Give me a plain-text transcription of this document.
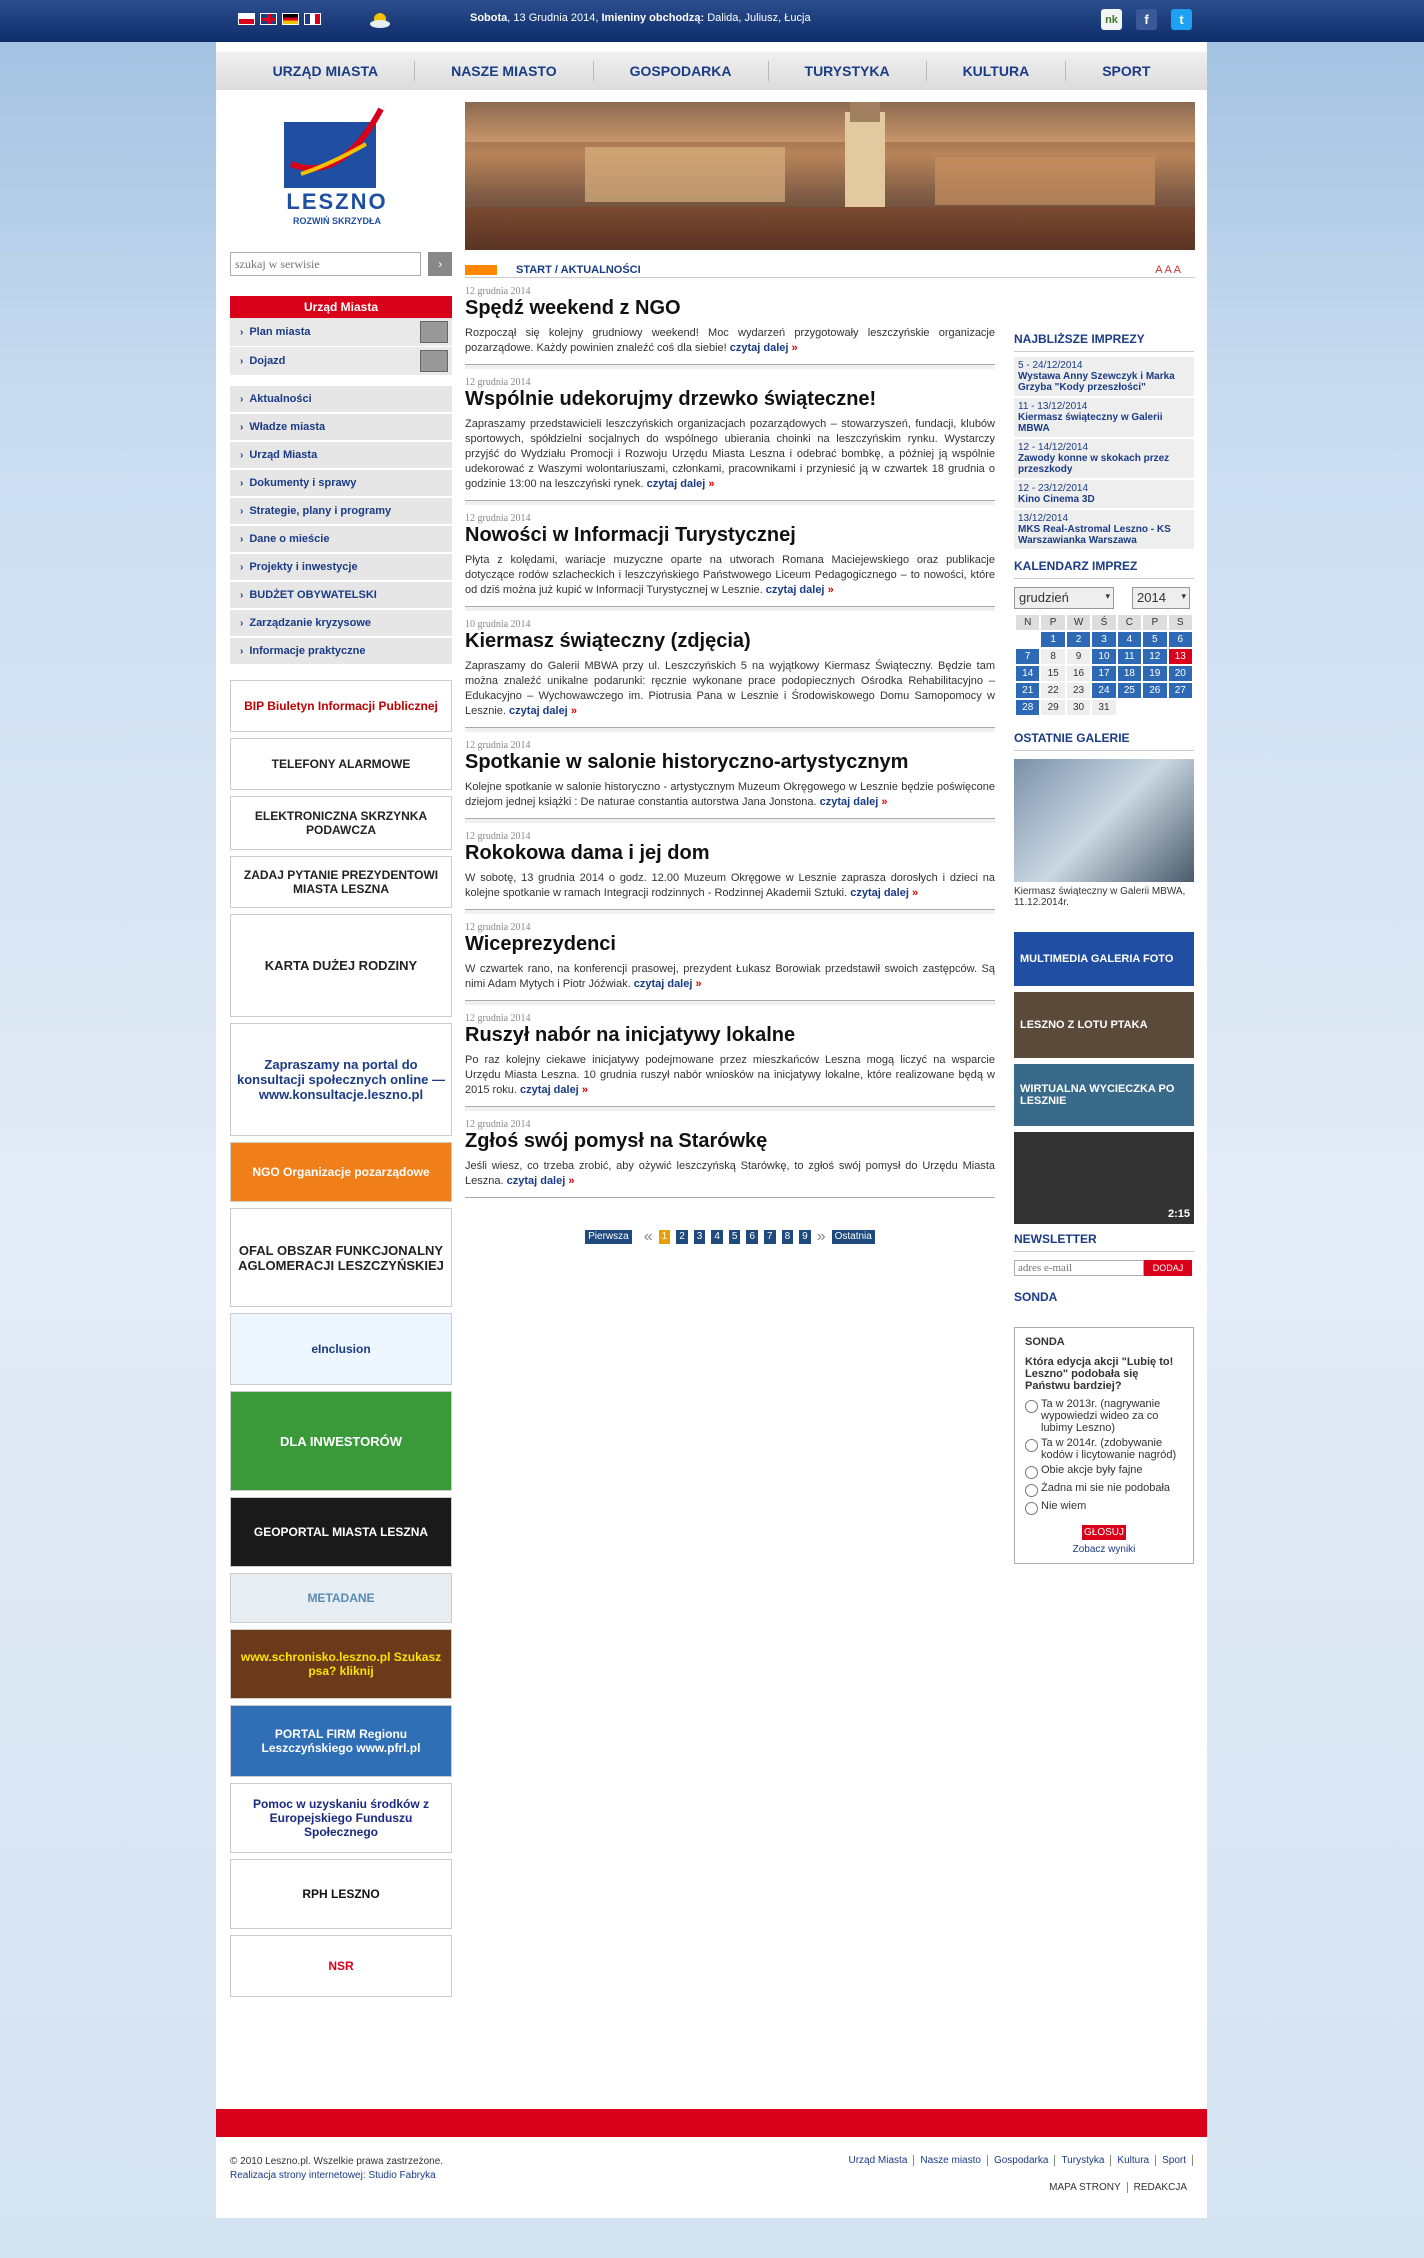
Sobota, 13 Grudnia 2014, Imieniny obchodzą: Dalida, Juliusz, Łucja	nk	f	t
URZĄD MIASTA	NASZE MIASTO	GOSPODARKA	TURYSTYKA	KULTURA	SPORT
LESZNO
ROZWIŃ SKRZYDŁA
szukaj w serwisie
›
Urząd Miasta
› Plan miasta
› Dojazd
› Aktualności
› Władze miasta
› Urząd Miasta
› Dokumenty i sprawy
› Strategie, plany i programy
› Dane o mieście
› Projekty i inwestycje
› BUDŻET OBYWATELSKI
› Zarządzanie kryzysowe
› Informacje praktyczne
BIP Biuletyn Informacji Publicznej
TELEFONY ALARMOWE
ELEKTRONICZNA SKRZYNKA PODAWCZA
ZADAJ PYTANIE PREZYDENTOWI MIASTA LESZNA
KARTA DUŻEJ RODZINY
Zapraszamy na portal do konsultacji społecznych online — www.konsultacje.leszno.pl
NGO Organizacje pozarządowe
OFAL OBSZAR FUNKCJONALNY AGLOMERACJI LESZCZYŃSKIEJ
eInclusion
DLA INWESTORÓW
GEOPORTAL MIASTA LESZNA
METADANE
www.schronisko.leszno.pl Szukasz psa? kliknij
PORTAL FIRM Regionu Leszczyńskiego www.pfrl.pl
Pomoc w uzyskaniu środków z Europejskiego Funduszu Społecznego
RPH LESZNO
NSR
START / AKTUALNOŚCI	A A A
12 grudnia 2014
Spędź weekend z NGO
Rozpoczął się kolejny grudniowy weekend! Moc wydarzeń przygotowały leszczyńskie organizacje pozarządowe. Każdy powinien znaleźć coś dla siebie! czytaj dalej »
12 grudnia 2014
Wspólnie udekorujmy drzewko świąteczne!
Zapraszamy przedstawicieli leszczyńskich organizacjach pozarządowych – stowarzyszeń, fundacji, klubów sportowych, spółdzielni socjalnych do wspólnego ubierania choinki na leszczyńskim rynku. Wystarczy przyjść do Wydziału Promocji i Rozwoju Urzędu Miasta Leszna i odebrać bombkę, a później ją wspólnie udekorować z Waszymi wolontariuszami, członkami, pracownikami i przyniesić ją w czwartek 18 grudnia o godzinie 13:00 na leszczyński rynek. czytaj dalej »
12 grudnia 2014
Nowości w Informacji Turystycznej
Płyta z kolędami, wariacje muzyczne oparte na utworach Romana Maciejewskiego oraz publikacje dotyczące rodów szlacheckich i leszczyńskiego Państwowego Liceum Pedagogicznego – to nowości, które od dziś można już kupić w Informacji Turystycznej w Lesznie. czytaj dalej »
10 grudnia 2014
Kiermasz świąteczny (zdjęcia)
Zapraszamy do Galerii MBWA przy ul. Leszczyńskich 5 na wyjątkowy Kiermasz Świąteczny. Będzie tam można znaleźć unikalne podarunki: ręcznie wykonane prace podopiecznych Ośrodka Rehabilitacyjno – Edukacyjno – Wychowawczego im. Piotrusia Pana w Lesznie i Środowiskowego Domu Samopomocy w Lesznie. czytaj dalej »
12 grudnia 2014
Spotkanie w salonie historyczno-artystycznym
Kolejne spotkanie w salonie historyczno - artystycznym Muzeum Okręgowego w Lesznie będzie poświęcone dziejom jednej książki : De naturae constantia autorstwa Jana Jonstona. czytaj dalej »
12 grudnia 2014
Rokokowa dama i jej dom
W sobotę, 13 grudnia 2014 o godz. 12.00 Muzeum Okręgowe w Lesznie zaprasza dorosłych i dzieci na kolejne spotkanie w ramach Integracji rodzinnych - Rodzinnej Akademii Sztuki. czytaj dalej »
12 grudnia 2014
Wiceprezydenci
W czwartek rano, na konferencji prasowej, prezydent Łukasz Borowiak przedstawił swoich zastępców. Są nimi Adam Mytych i Piotr Jóźwiak. czytaj dalej »
12 grudnia 2014
Ruszył nabór na inicjatywy lokalne
Po raz kolejny ciekawe inicjatywy podejmowane przez mieszkańców Leszna mogą liczyć na wsparcie Urzędu Miasta Leszna. 10 grudnia ruszył nabór wniosków na inicjatywy lokalne, które realizowane będą w 2015 roku. czytaj dalej »
12 grudnia 2014
Zgłoś swój pomysł na Starówkę
Jeśli wiesz, co trzeba zrobić, aby ożywić leszczyńską Starówkę, to zgłoś swój pomysł do Urzędu Miasta Leszna. czytaj dalej »
Pierwsza « 1	2	3	4	5	6	7	8	9 » Ostatnia
NAJBLIŻSZE IMPREZY
5 - 24/12/2014
Wystawa Anny Szewczyk i Marka Grzyba "Kody przeszłości"
11 - 13/12/2014
Kiermasz świąteczny w Galerii MBWA
12 - 14/12/2014
Zawody konne w skokach przez przeszkody
12 - 23/12/2014
Kino Cinema 3D
13/12/2014
MKS Real-Astromal Leszno - KS Warszawianka Warszawa
KALENDARZ IMPREZ
grudzień	▾	2014 ▾
N	P	W	Ś	C	P	S
	1	2	3	4	5	6
7	8	9	10	11	12	13
14	15	16	17	18	19	20
21	22	23	24	25	26	27
28	29	30	31			
OSTATNIE GALERIE
Kiermasz świąteczny w Galerii MBWA, 11.12.2014r.
MULTIMEDIA GALERIA FOTO
LESZNO Z LOTU PTAKA
WIRTUALNA WYCIECZKA PO LESZNIE
2:15
NEWSLETTER
adres e-mail
DODAJ
SONDA
SONDA
Która edycja akcji "Lubię to! Leszno" podobała się Państwu bardziej?
Ta w 2013r. (nagrywanie wypowiedzi wideo za co lubimy Leszno)
Ta w 2014r. (zdobywanie kodów i licytowanie nagród)
Obie akcje były fajne
Żadna mi sie nie podobała
Nie wiem
GŁOSUJ
Zobacz wyniki
© 2010 Leszno.pl. Wszelkie prawa zastrzeżone.
Realizacja strony internetowej: Studio Fabryka
Urząd Miasta	Nasze miasto	Gospodarka	Turystyka	Kultura	Sport
MAPA STRONY	REDAKCJA
